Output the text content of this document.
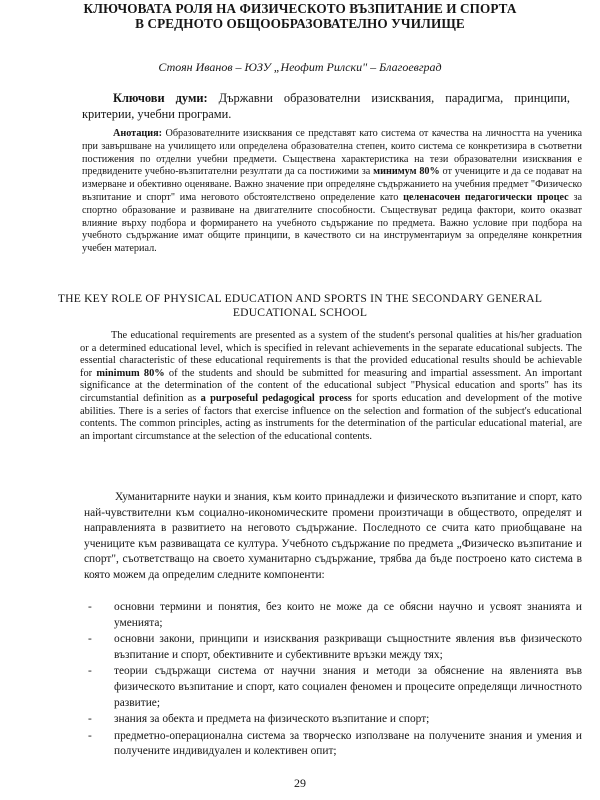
КЛЮЧОВАТА РОЛЯ НА ФИЗИЧЕСКОТО ВЪЗПИТАНИЕ И СПОРТА
В СРЕДНОТО ОБЩООБРАЗОВАТЕЛНО УЧИЛИЩЕ
Стоян Иванов – ЮЗУ „Неофит Рилски" – Благоевград
Ключови думи: Държавни образователни изисквания, парадигма, принципи, критерии, учебни програми.
Анотация: Образователните изисквания се представят като система от качества на личността на ученика при завършване на училището или определена образователна степен, които система се конкретизира в съответни постижения по отделни учебни предмети. Съществена характеристика на тези образователни изисквания е предвидените учебно-възпитателни резултати да са постижими за минимум 80% от учениците и да се подават на измерване и обективно оценяване. Важно значение при определяне съдържанието на учебния предмет "Физическо възпитание и спорт" има неговото обстоятелствено определение като целенасочен педагогически процес за спортно образование и развиване на двигателните способности. Съществуват редица фактори, които оказват влияние върху подбора и формирането на учебното съдържание по предмета. Важно условие при подбора на учебното съдържание имат общите принципи, в качеството си на инструментариум за определяне конкретния учебен материал.
THE KEY ROLE OF PHYSICAL EDUCATION AND SPORTS IN THE SECONDARY GENERAL
EDUCATIONAL SCHOOL
The educational requirements are presented as a system of the student's personal qualities at his/her graduation or a determined educational level, which is specified in relevant achievements in the separate educational subjects. The essential characteristic of these educational requirements is that the provided educational results should be achievable for minimum 80% of the students and should be submitted for measuring and impartial assessment. An important significance at the determination of the content of the educational subject "Physical education and sports" has its circumstantial definition as a purposeful pedagogical process for sports education and development of the motive abilities. There is a series of factors that exercise influence on the selection and formation of the subject's educational contents. The common principles, acting as instruments for the determination of the particular educational material, are an important circumstance at the selection of the educational contents.
Хуманитарните науки и знания, към които принадлежи и физическото възпитание и спорт, като най-чувствителни към социално-икономическите промени произтичащи в обществото, определят и направленията в развитието на неговото съдържание. Последното се счита като приобщаване на учениците към развиващата се култура. Учебното съдържание по предмета „Физическо възпитание и спорт", съответстващо на своето хуманитарно съдържание, трябва да бъде построено като система в която можем да определим следните компоненти:
- основни термини и понятия, без които не може да се обясни научно и усвоят знанията и уменията;
- основни закони, принципи и изисквания разкриващи същностните явления във физическото възпитание и спорт, обективните и субективните връзки между тях;
- теории съдържащи система от научни знания и методи за обяснение на явленията във физическото възпитание и спорт, като социален феномен и процесите определящи личностното развитие;
- знания за обекта и предмета на физическото възпитание и спорт;
- предметно-операционална система за творческо използване на получените знания и умения и получените индивидуален и колективен опит;
29
